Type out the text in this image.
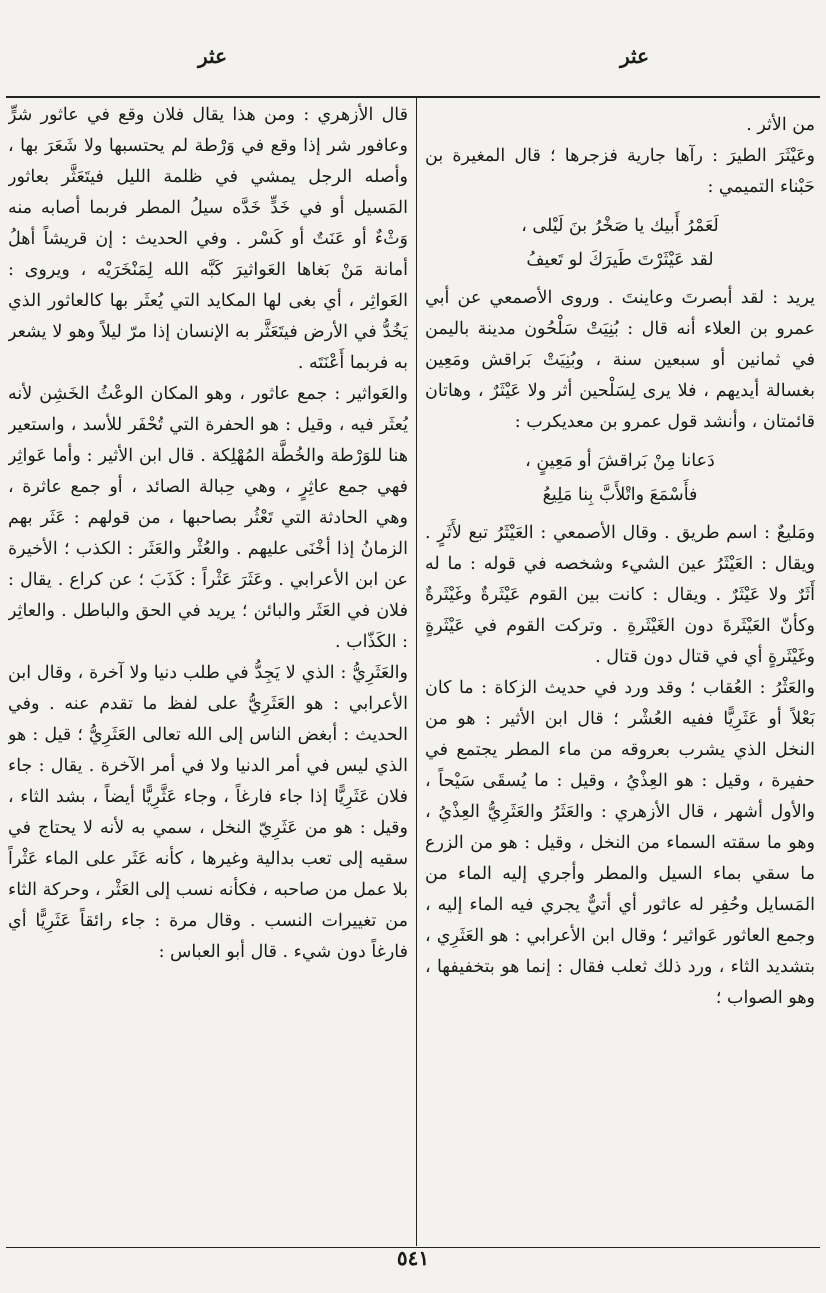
عثر	عثر

من الأثر .

وعَيْثَرَ الطيرَ : رآها جارية فزجرها ؛ قال المغيرة بن حَبْناء التميمي :

لَعَمْرُ أَبيك يا صَخْرُ بنَ لَيْلى ،

لقد عَيْثَرْتَ طَيرَكَ لو تَعيفُ

يريد : لقد أبصرتَ وعاينتَ . وروى الأصمعي عن أبي عمرو بن العلاء أنه قال : بُنِيَتْ سَلْحُون مدينة باليمن في ثمانين أو سبعين سنة ، وبُنِيَتْ بَراقش ومَعِين بغسالة أيديهم ، فلا يرى لِسَلْحين أثر ولا عَيْثَرٌ ، وهاتان قائمتان ، وأنشد قول عمرو بن معديكرب :

دَعانا مِنْ بَراقشَ أو مَعِينٍ ،

فأَسْمَعَ واتْلأَبَّ بِنا مَلِيعُ

ومَليعٌ : اسم طريق . وقال الأصمعي : العَيْثَرُ تبع لأَثَرٍ . ويقال : العَيْثَرُ عين الشيء وشخصه في قوله : ما له أَثَرٌ ولا عَيْثَرٌ . ويقال : كانت بين القوم عَيْثَرةٌ وغَيْثَرةٌ وكأنّ العَيْثَرةَ دون الغَيْثَرةِ . وتركت القوم في عَيْثَرةٍ وغَيْثَرةٍ أي في قتال دون قتال .

والعَثْرُ : العُقاب ؛ وقد ورد في حديث الزكاة : ما كان بَعْلاً أو عَثَرِيًّا ففيه العُشْر ؛ قال ابن الأثير : هو من النخل الذي يشرب بعروقه من ماء المطر يجتمع في حفيرة ، وقيل : هو العِذْيُ ، وقيل : ما يُسقَى سَيْحاً ، والأول أشهر ، قال الأزهري : والعَثَرُ والعَثَرِيُّ العِذْيُ ، وهو ما سقته السماء من النخل ، وقيل : هو من الزرع ما سقي بماء السيل والمطر وأجري إليه الماء من المَسايل وحُفِر له عاثور أي أتيٌّ يجري فيه الماء إليه ، وجمع العاثور عَواثير ؛ وقال ابن الأعرابي : هو العَثَرِي ، بتشديد الثاء ، ورد ذلك ثعلب فقال : إنما هو بتخفيفها ، وهو الصواب ؛

قال الأزهري : ومن هذا يقال فلان وقع في عاثور شرٍّ وعافور شر إذا وقع في وَرْطة لم يحتسبها ولا شَعَرَ بها ، وأصله الرجل يمشي في ظلمة الليل فيتَعَثَّر بعاثور المَسيل أو في خَدٍّ خَدَّه سيلُ المطر فربما أصابه منه وَثْءٌ أو عَنَتٌ أو كَسْر . وفي الحديث : إن قريشاً أهلُ أمانة مَنْ بَغاها العَواثيرَ كَبَّه الله لِمَنْخَرَيْه ، ويروى : العَواثِر ، أي بغى لها المكايد التي يُعثَر بها كالعاثور الذي يَخُدُّ في الأرض فيتَعَثَّر به الإنسان إذا مرّ ليلاً وهو لا يشعر به فربما أَعْنَتَه .

والعَواثير : جمع عاثور ، وهو المكان الوعْثُ الخَشِن لأنه يُعثَر فيه ، وقيل : هو الحفرة التي تُحْفَر للأسد ، واستعير هنا للوَرْطة والخُطَّة المُهْلِكة . قال ابن الأثير : وأما عَواثِر فهي جمع عاثِرٍ ، وهي حِبالة الصائد ، أو جمع عاثرة ، وهي الحادثة التي تَعْثُر بصاحبها ، من قولهم : عَثَر بهم الزمانُ إذا أخْنَى عليهم . والعُثْر والعَثَر : الكذب ؛ الأخيرة عن ابن الأعرابي . وعَثَرَ عَثْراً : كَذَبَ ؛ عن كراع . يقال : فلان في العَثَر والبائن ؛ يريد في الحق والباطل . والعاثِر : الكَذّاب .

والعَثَرِيُّ : الذي لا يَجِدُّ في طلب دنيا ولا آخرة ، وقال ابن الأعرابي : هو العَثَرِيُّ على لفظ ما تقدم عنه . وفي الحديث : أبغض الناس إلى الله تعالى العَثَرِيُّ ؛ قيل : هو الذي ليس في أمر الدنيا ولا في أمر الآخرة . يقال : جاء فلان عَثَرِيًّا إذا جاء فارغاً ، وجاء عَثَّرِيًّا أيضاً ، بشد الثاء ، وقيل : هو من عَثَرِيّ النخل ، سمي به لأنه لا يحتاج في سقيه إلى تعب بدالية وغيرها ، كأنه عَثَر على الماء عَثْراً بلا عمل من صاحبه ، فكأنه نسب إلى العَثْر ، وحركة الثاء من تغييرات النسب . وقال مرة : جاء رائقاً عَثَرِيًّا أي فارغاً دون شيء . قال أبو العباس :

٥٤١
